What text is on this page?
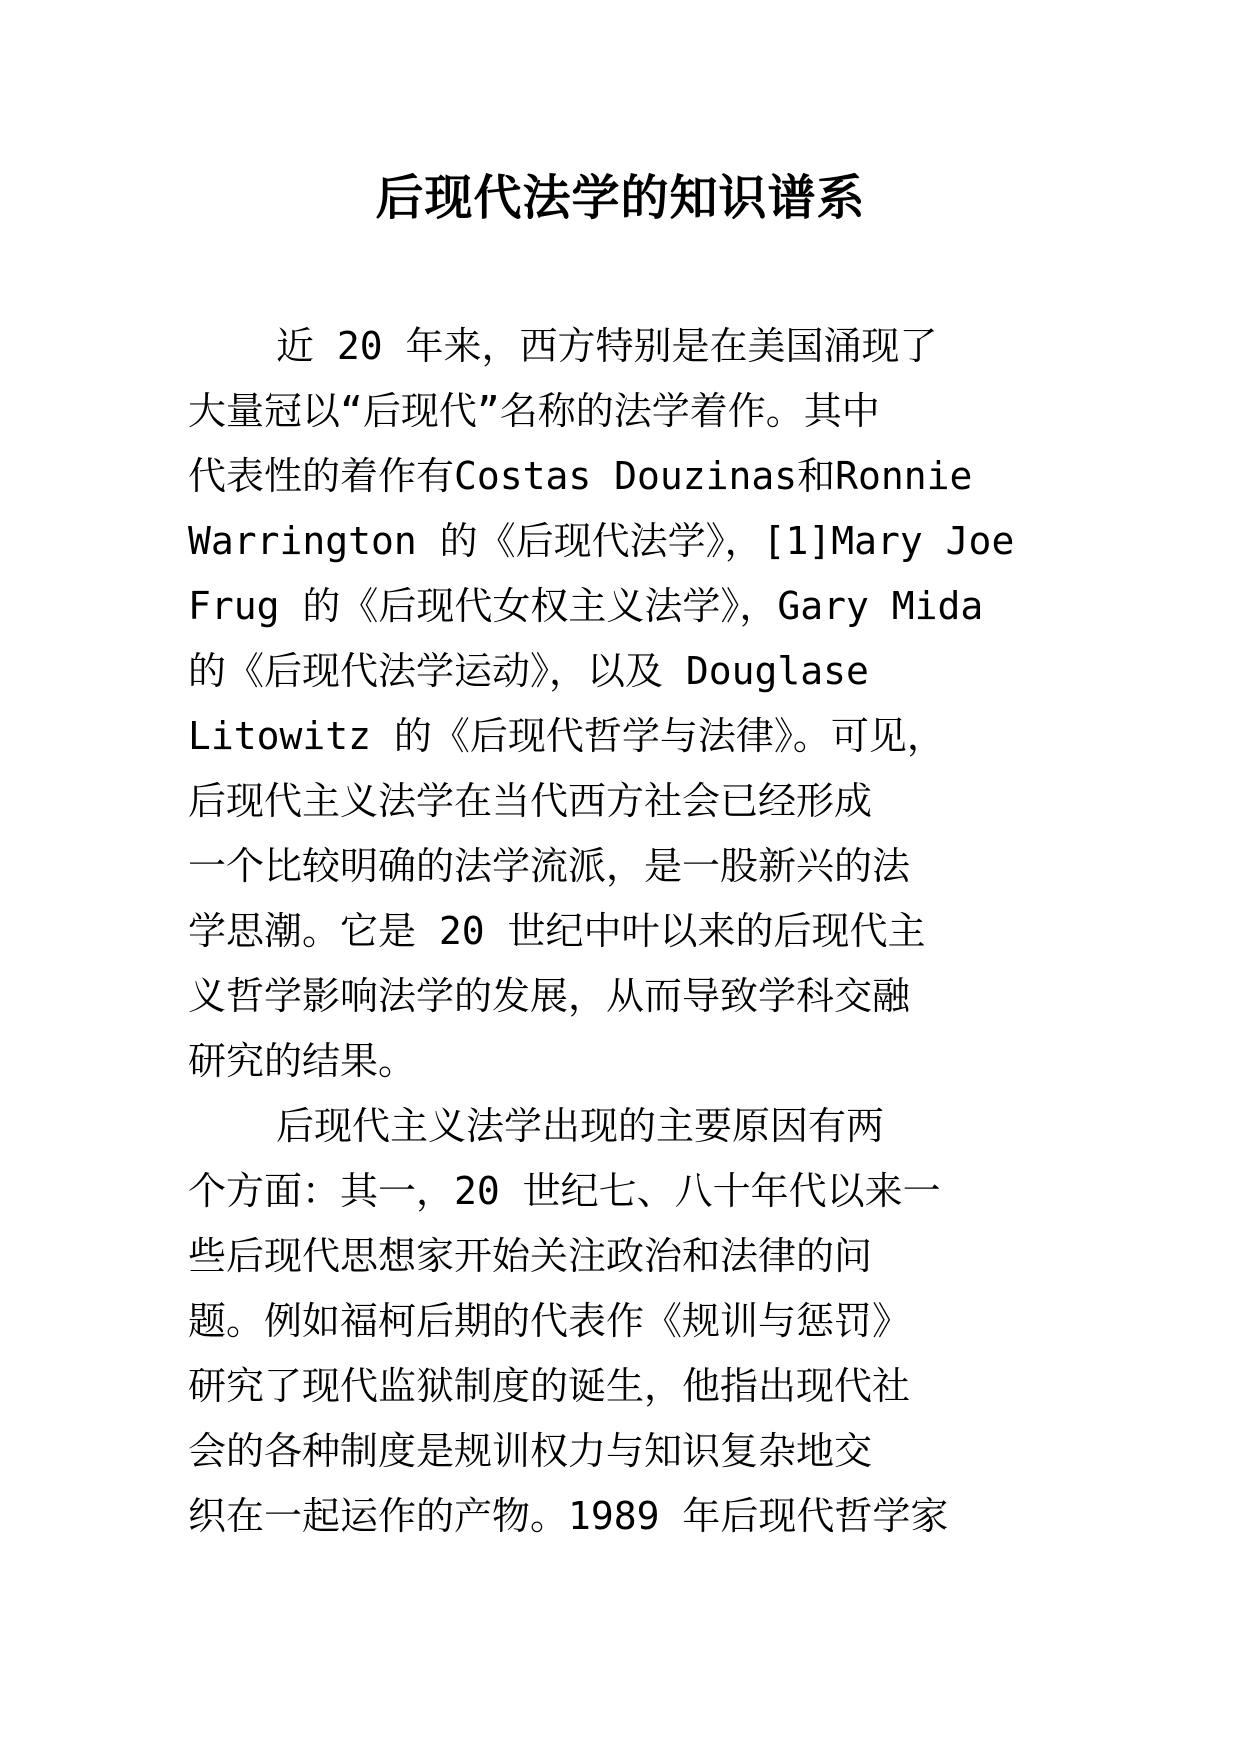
后现代法学的知识谱系
近 20 年来，西方特别是在美国涌现了
大量冠以“后现代”名称的法学着作。其中
代表性的着作有Costas Douzinas和Ronnie
Warrington 的《后现代法学》，[1]Mary Joe
Frug 的《后现代女权主义法学》，Gary Mida
的《后现代法学运动》，以及 Douglase
Litowitz 的《后现代哲学与法律》。可见，
后现代主义法学在当代西方社会已经形成
一个比较明确的法学流派，是一股新兴的法
学思潮。它是 20 世纪中叶以来的后现代主
义哲学影响法学的发展，从而导致学科交融
研究的结果。
后现代主义法学出现的主要原因有两
个方面：其一，20 世纪七、八十年代以来一
些后现代思想家开始关注政治和法律的问
题。例如福柯后期的代表作《规训与惩罚》
研究了现代监狱制度的诞生，他指出现代社
会的各种制度是规训权力与知识复杂地交
织在一起运作的产物。1989 年后现代哲学家
